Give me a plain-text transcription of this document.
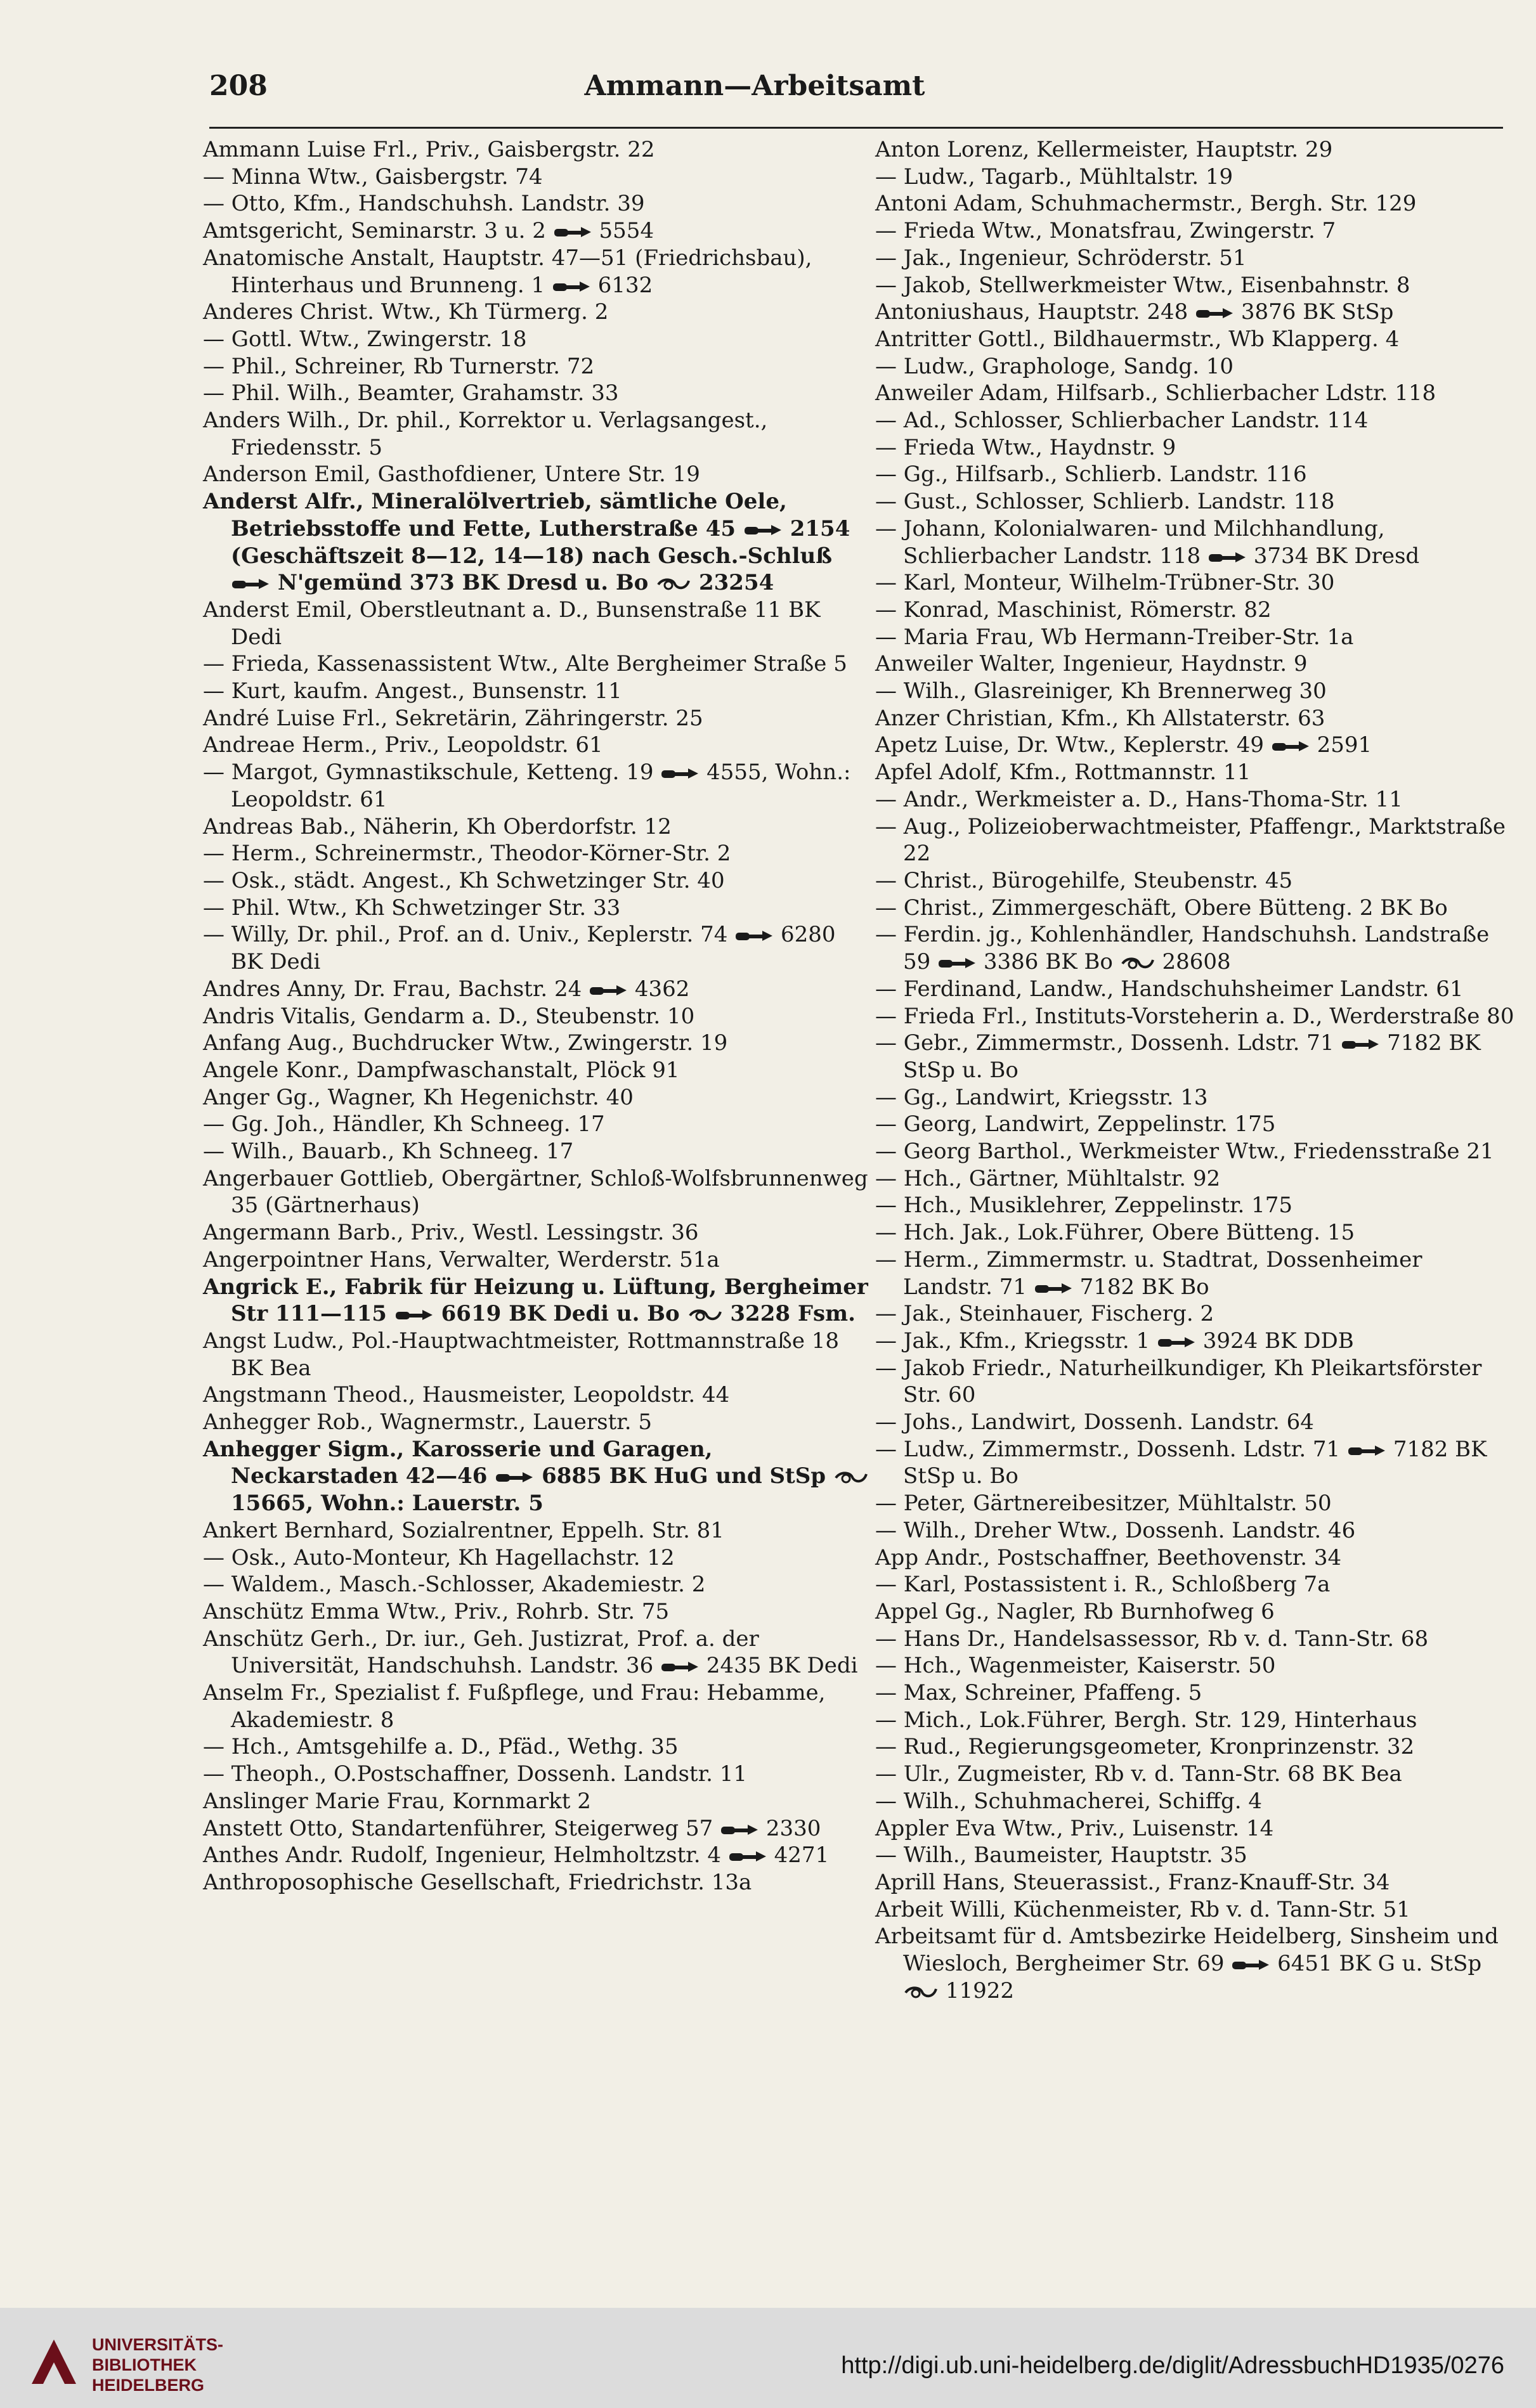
208	Ammann—Arbeitsamt

Ammann Luise Frl., Priv., Gaisbergstr. 22

— Minna Wtw., Gaisbergstr. 74

— Otto, Kfm., Handschuhsh. Landstr. 39

Amtsgericht, Seminarstr. 3 u. 2 5554

Anatomische Anstalt, Hauptstr. 47—51 (Friedrichsbau), Hinterhaus und Brunneng. 1 6132

Anderes Christ. Wtw., Kh Türmerg. 2

— Gottl. Wtw., Zwingerstr. 18

— Phil., Schreiner, Rb Turnerstr. 72

— Phil. Wilh., Beamter, Grahamstr. 33

Anders Wilh., Dr. phil., Korrektor u. Verlagsangest., Friedensstr. 5

Anderson Emil, Gasthofdiener, Untere Str. 19

Anderst Alfr., Mineralölvertrieb, sämtliche Oele, Betriebsstoffe und Fette, Lutherstraße 45	2154 (Geschäftszeit 8—12, 14—18) nach Gesch.-Schluß  N'gemünd 373 BK Dresd u. Bo 23254

Anderst Emil, Oberstleutnant a. D., Bunsenstraße 11 BK Dedi

— Frieda, Kassenassistent Wtw., Alte Bergheimer Straße 5

— Kurt, kaufm. Angest., Bunsenstr. 11

André Luise Frl., Sekretärin, Zähringerstr. 25

Andreae Herm., Priv., Leopoldstr. 61

— Margot, Gymnastikschule, Ketteng. 19 4555, Wohn.: Leopoldstr. 61

Andreas Bab., Näherin, Kh Oberdorfstr. 12

— Herm., Schreinermstr., Theodor-Körner-Str. 2

— Osk., städt. Angest., Kh Schwetzinger Str. 40

— Phil. Wtw., Kh Schwetzinger Str. 33

— Willy, Dr. phil., Prof. an d. Univ., Keplerstr. 74 6280 BK Dedi

Andres Anny, Dr. Frau, Bachstr. 24 4362

Andris Vitalis, Gendarm a. D., Steubenstr. 10

Anfang Aug., Buchdrucker Wtw., Zwingerstr. 19

Angele Konr., Dampfwaschanstalt, Plöck 91

Anger Gg., Wagner, Kh Hegenichstr. 40

— Gg. Joh., Händler, Kh Schneeg. 17

— Wilh., Bauarb., Kh Schneeg. 17

Angerbauer Gottlieb, Obergärtner, Schloß-Wolfsbrunnenweg 35 (Gärtnerhaus)

Angermann Barb., Priv., Westl. Lessingstr. 36

Angerpointner Hans, Verwalter, Werderstr. 51a

Angrick E., Fabrik für Heizung u. Lüftung, Bergheimer Str 111—115	6619 BK Dedi u. Bo 3228 Fsm.

Angst Ludw., Pol.-Hauptwachtmeister, Rottmannstraße 18 BK Bea

Angstmann Theod., Hausmeister, Leopoldstr. 44

Anhegger Rob., Wagnermstr., Lauerstr. 5

Anhegger Sigm., Karosserie und Garagen, Neckarstaden 42—46	6885 BK HuG und StSp  15665, Wohn.: Lauerstr. 5

Ankert Bernhard, Sozialrentner, Eppelh. Str. 81

— Osk., Auto-Monteur, Kh Hagellachstr. 12

— Waldem., Masch.-Schlosser, Akademiestr. 2

Anschütz Emma Wtw., Priv., Rohrb. Str. 75

Anschütz Gerh., Dr. iur., Geh. Justizrat, Prof. a. der Universität, Handschuhsh. Landstr. 36 2435 BK Dedi

Anselm Fr., Spezialist f. Fußpflege, und Frau: Hebamme, Akademiestr. 8

— Hch., Amtsgehilfe a. D., Pfäd., Wethg. 35

— Theoph., O.Postschaffner, Dossenh. Landstr. 11

Anslinger Marie Frau, Kornmarkt 2

Anstett Otto, Standartenführer, Steigerweg 57 2330

Anthes Andr. Rudolf, Ingenieur, Helmholtzstr. 4 4271

Anthroposophische Gesellschaft, Friedrichstr. 13a

Anton Lorenz, Kellermeister, Hauptstr. 29

— Ludw., Tagarb., Mühltalstr. 19

Antoni Adam, Schuhmachermstr., Bergh. Str. 129

— Frieda Wtw., Monatsfrau, Zwingerstr. 7

— Jak., Ingenieur, Schröderstr. 51

— Jakob, Stellwerkmeister Wtw., Eisenbahnstr. 8

Antoniushaus, Hauptstr. 248 3876 BK StSp

Antritter Gottl., Bildhauermstr., Wb Klapperg. 4

— Ludw., Graphologe, Sandg. 10

Anweiler Adam, Hilfsarb., Schlierbacher Ldstr. 118

— Ad., Schlosser, Schlierbacher Landstr. 114

— Frieda Wtw., Haydnstr. 9

— Gg., Hilfsarb., Schlierb. Landstr. 116

— Gust., Schlosser, Schlierb. Landstr. 118

— Johann, Kolonialwaren- und Milchhandlung, Schlierbacher Landstr. 118 3734 BK Dresd

— Karl, Monteur, Wilhelm-Trübner-Str. 30

— Konrad, Maschinist, Römerstr. 82

— Maria Frau, Wb Hermann-Treiber-Str. 1a

Anweiler Walter, Ingenieur, Haydnstr. 9

— Wilh., Glasreiniger, Kh Brennerweg 30

Anzer Christian, Kfm., Kh Allstaterstr. 63

Apetz Luise, Dr. Wtw., Keplerstr. 49 2591

Apfel Adolf, Kfm., Rottmannstr. 11

— Andr., Werkmeister a. D., Hans-Thoma-Str. 11

— Aug., Polizeioberwachtmeister, Pfaffengr., Marktstraße 22

— Christ., Bürogehilfe, Steubenstr. 45

— Christ., Zimmergeschäft, Obere Bütteng. 2 BK Bo

— Ferdin. jg., Kohlenhändler, Handschuhsh. Landstraße 59 3386 BK Bo 28608

— Ferdinand, Landw., Handschuhsheimer Landstr. 61

— Frieda Frl., Instituts-Vorsteherin a. D., Werderstraße 80

— Gebr., Zimmermstr., Dossenh. Ldstr. 71 7182 BK StSp u. Bo

— Gg., Landwirt, Kriegsstr. 13

— Georg, Landwirt, Zeppelinstr. 175

— Georg Barthol., Werkmeister Wtw., Friedensstraße 21

— Hch., Gärtner, Mühltalstr. 92

— Hch., Musiklehrer, Zeppelinstr. 175

— Hch. Jak., Lok.Führer, Obere Bütteng. 15

— Herm., Zimmermstr. u. Stadtrat, Dossenheimer Landstr. 71 7182 BK Bo

— Jak., Steinhauer, Fischerg. 2

— Jak., Kfm., Kriegsstr. 1 3924 BK DDB

— Jakob Friedr., Naturheilkundiger, Kh Pleikartsförster Str. 60

— Johs., Landwirt, Dossenh. Landstr. 64

— Ludw., Zimmermstr., Dossenh. Ldstr. 71 7182 BK StSp u. Bo

— Peter, Gärtnereibesitzer, Mühltalstr. 50

— Wilh., Dreher Wtw., Dossenh. Landstr. 46

App Andr., Postschaffner, Beethovenstr. 34

— Karl, Postassistent i. R., Schloßberg 7a

Appel Gg., Nagler, Rb Burnhofweg 6

— Hans Dr., Handelsassessor, Rb v. d. Tann-Str. 68

— Hch., Wagenmeister, Kaiserstr. 50

— Max, Schreiner, Pfaffeng. 5

— Mich., Lok.Führer, Bergh. Str. 129, Hinterhaus

— Rud., Regierungsgeometer, Kronprinzenstr. 32

— Ulr., Zugmeister, Rb v. d. Tann-Str. 68 BK Bea

— Wilh., Schuhmacherei, Schiffg. 4

Appler Eva Wtw., Priv., Luisenstr. 14

— Wilh., Baumeister, Hauptstr. 35

Aprill Hans, Steuerassist., Franz-Knauff-Str. 34

Arbeit Willi, Küchenmeister, Rb v. d. Tann-Str. 51

Arbeitsamt für d. Amtsbezirke Heidelberg, Sinsheim und Wiesloch, Bergheimer Str. 69 6451 BK G u. StSp  11922

UNIVERSITÄTS-
BIBLIOTHEK
HEIDELBERG
http://digi.ub.uni-heidelberg.de/diglit/AdressbuchHD1935/0276
